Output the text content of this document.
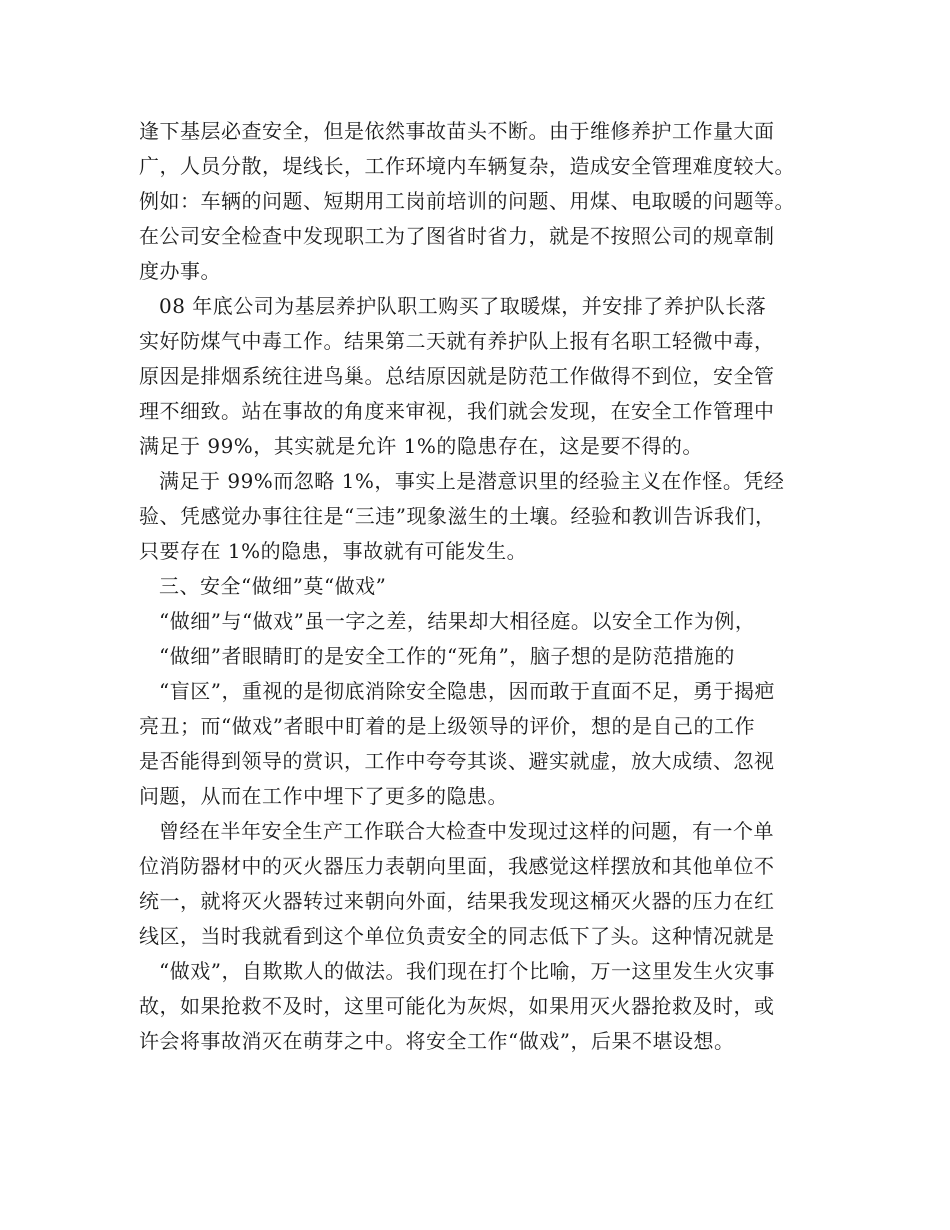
逢下基层必查安全，但是依然事故苗头不断。由于维修养护工作量大面
广，人员分散，堤线长，工作环境内车辆复杂，造成安全管理难度较大。
例如：车辆的问题、短期用工岗前培训的问题、用煤、电取暖的问题等。
在公司安全检查中发现职工为了图省时省力，就是不按照公司的规章制
度办事。
08 年底公司为基层养护队职工购买了取暖煤，并安排了养护队长落
实好防煤气中毒工作。结果第二天就有养护队上报有名职工轻微中毒，
原因是排烟系统往进鸟巢。总结原因就是防范工作做得不到位，安全管
理不细致。站在事故的角度来审视，我们就会发现，在安全工作管理中
满足于 99%，其实就是允许 1%的隐患存在，这是要不得的。
满足于 99%而忽略 1%，事实上是潜意识里的经验主义在作怪。凭经
验、凭感觉办事往往是“三违”现象滋生的土壤。经验和教训告诉我们，
只要存在 1%的隐患，事故就有可能发生。
三、安全“做细”莫“做戏”
“做细”与“做戏”虽一字之差，结果却大相径庭。以安全工作为例，
“做细”者眼睛盯的是安全工作的“死角”，脑子想的是防范措施的
“盲区”，重视的是彻底消除安全隐患，因而敢于直面不足，勇于揭疤
亮丑；而“做戏”者眼中盯着的是上级领导的评价，想的是自己的工作
是否能得到领导的赏识，工作中夸夸其谈、避实就虚，放大成绩、忽视
问题，从而在工作中埋下了更多的隐患。
曾经在半年安全生产工作联合大检查中发现过这样的问题，有一个单
位消防器材中的灭火器压力表朝向里面，我感觉这样摆放和其他单位不
统一，就将灭火器转过来朝向外面，结果我发现这桶灭火器的压力在红
线区，当时我就看到这个单位负责安全的同志低下了头。这种情况就是
“做戏”，自欺欺人的做法。我们现在打个比喻，万一这里发生火灾事
故，如果抢救不及时，这里可能化为灰烬，如果用灭火器抢救及时，或
许会将事故消灭在萌芽之中。将安全工作“做戏”，后果不堪设想。
